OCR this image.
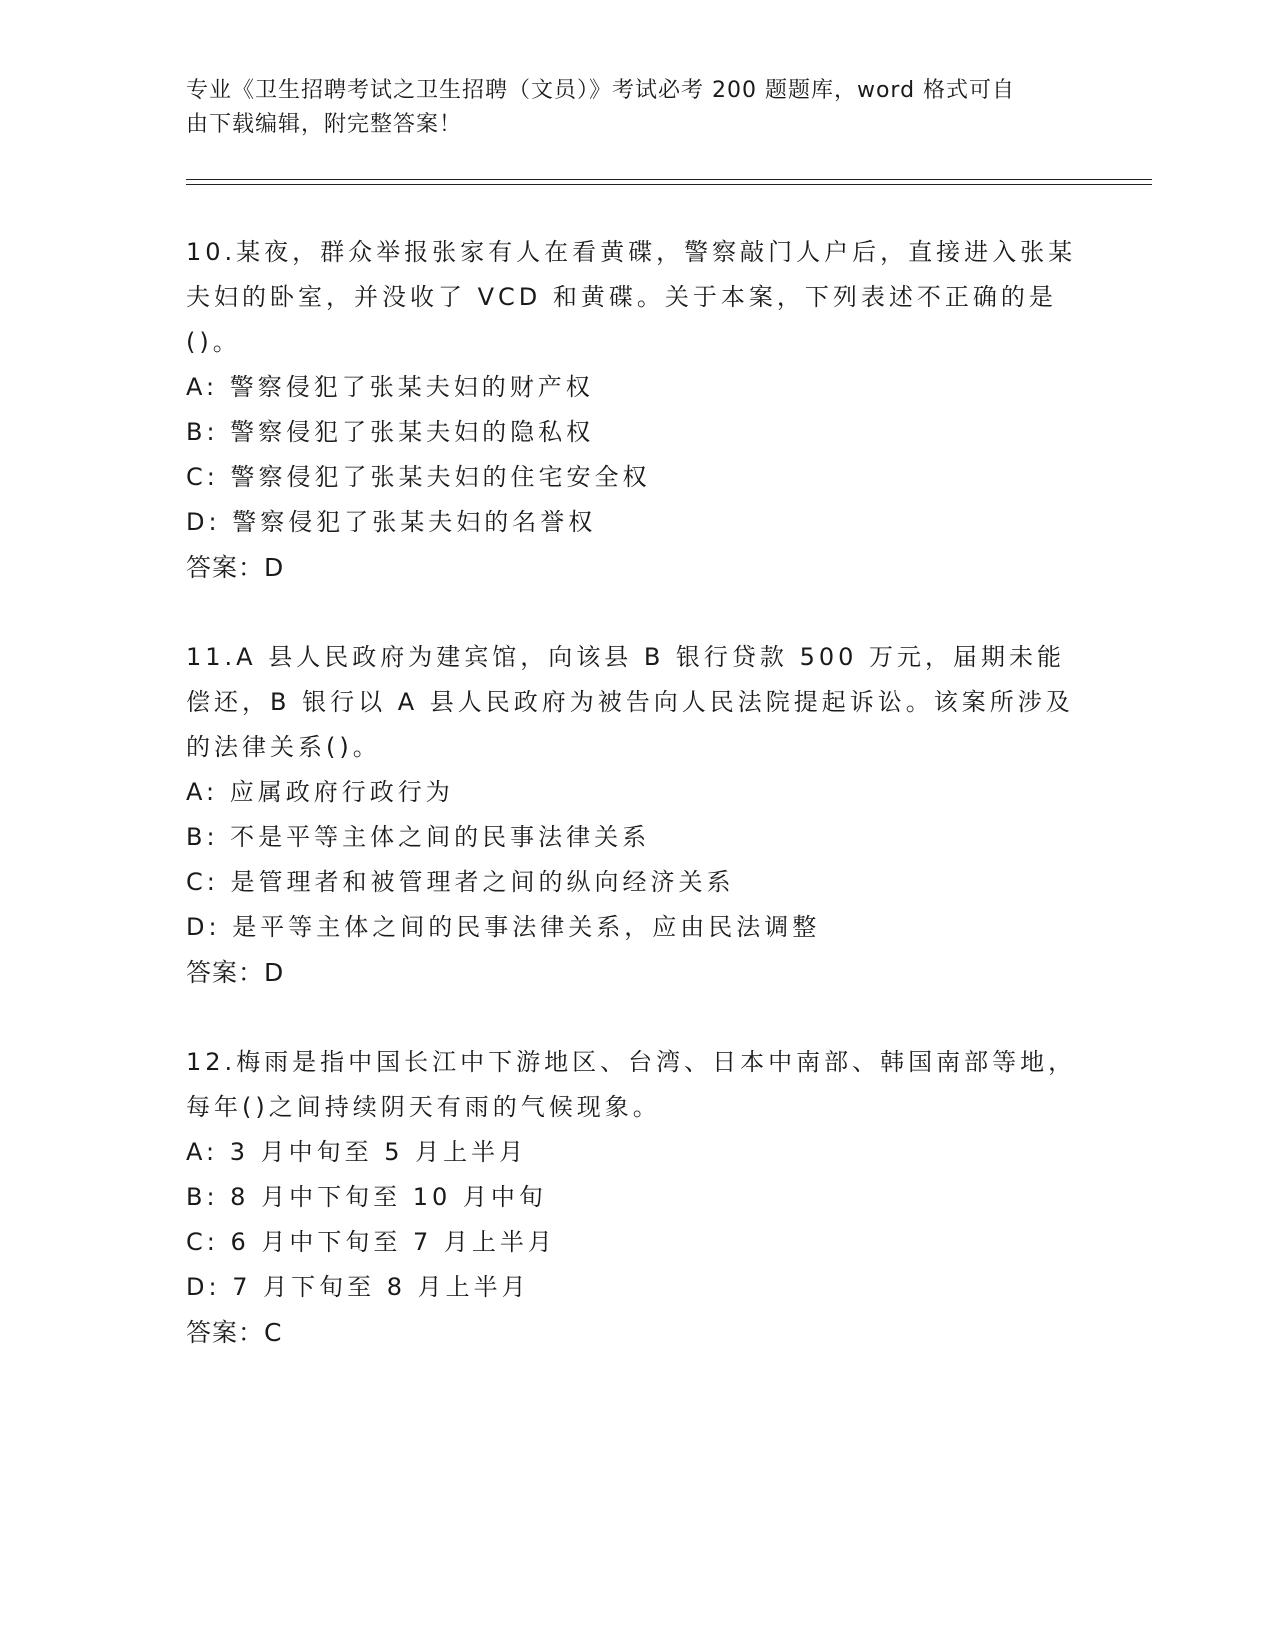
专业《卫生招聘考试之卫生招聘（文员）》考试必考 200 题题库，word 格式可自
由下载编辑，附完整答案！
10.某夜，群众举报张家有人在看黄碟，警察敲门人户后，直接进入张某夫妇的卧室，并没收了 VCD 和黄碟。关于本案，下列表述不正确的是()。
A: 警察侵犯了张某夫妇的财产权
B: 警察侵犯了张某夫妇的隐私权
C: 警察侵犯了张某夫妇的住宅安全权
D: 警察侵犯了张某夫妇的名誉权
答案：D
11.A 县人民政府为建宾馆，向该县 B 银行贷款 500 万元，届期未能偿还，B 银行以 A 县人民政府为被告向人民法院提起诉讼。该案所涉及的法律关系()。
A: 应属政府行政行为
B: 不是平等主体之间的民事法律关系
C: 是管理者和被管理者之间的纵向经济关系
D: 是平等主体之间的民事法律关系，应由民法调整
答案：D
12.梅雨是指中国长江中下游地区、台湾、日本中南部、韩国南部等地，每年()之间持续阴天有雨的气候现象。
A: 3 月中旬至 5 月上半月
B: 8 月中下旬至 10 月中旬
C: 6 月中下旬至 7 月上半月
D: 7 月下旬至 8 月上半月
答案：C
